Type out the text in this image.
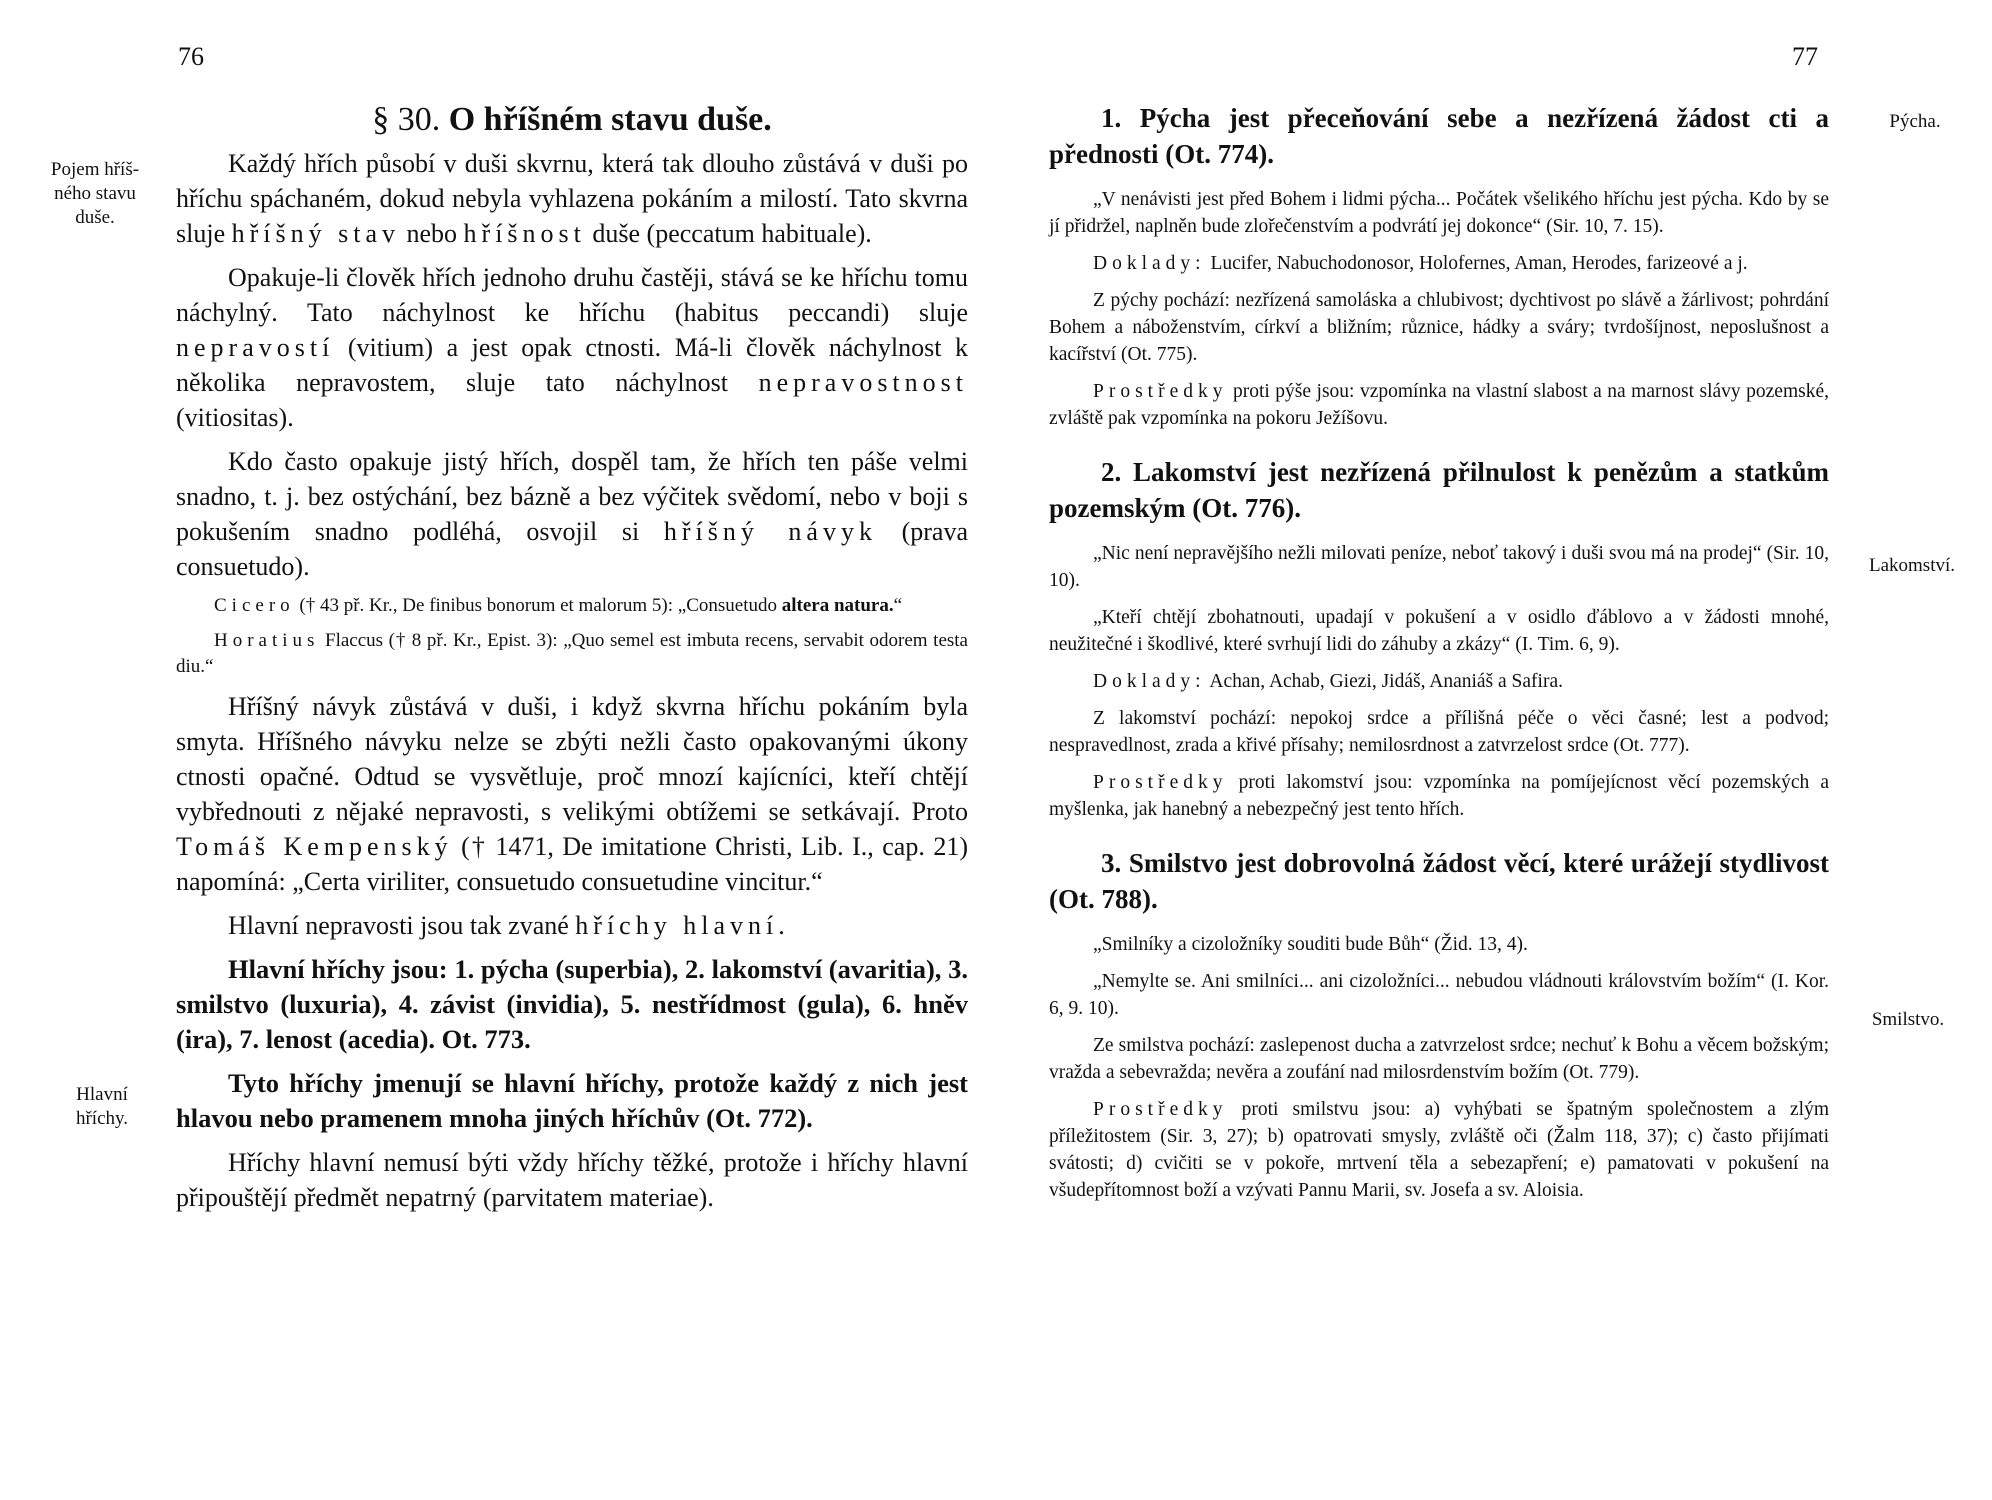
76
Pojem hříš-
ného stavu
duše.
Hlavní
hříchy.
§ 30. O hříšném stavu duše.

Každý hřích působí v duši skvrnu, která tak dlouho zůstává v duši po hříchu spáchaném, dokud nebyla vyhlazena pokáním a milostí. Tato skvrna sluje hříšný stav nebo hříšnost duše (peccatum habituale).

Opakuje-li člověk hřích jednoho druhu častěji, stává se ke hříchu tomu náchylný. Tato náchylnost ke hříchu (habitus peccandi) sluje nepravostí (vitium) a jest opak ctnosti. Má-li člověk náchylnost k několika nepravostem, sluje tato náchylnost nepravostnost (vitiositas).

Kdo často opakuje jistý hřích, dospěl tam, že hřích ten páše velmi snadno, t. j. bez ostýchání, bez bázně a bez výčitek svědomí, nebo v boji s pokušením snadno podléhá, osvojil si hříšný návyk (prava consuetudo).

Cicero († 43 př. Kr., De finibus bonorum et malorum 5): „Consuetudo altera natura.“

Horatius Flaccus († 8 př. Kr., Epist. 3): „Quo semel est imbuta recens, servabit odorem testa diu.“

Hříšný návyk zůstává v duši, i když skvrna hříchu pokáním byla smyta. Hříšného návyku nelze se zbýti nežli často opakovanými úkony ctnosti opačné. Odtud se vysvětluje, proč mnozí kajícníci, kteří chtějí vybřednouti z nějaké nepravosti, s velikými obtížemi se setkávají. Proto Tomáš Kempenský († 1471, De imitatione Christi, Lib. I., cap. 21) napomíná: „Certa viriliter, consuetudo consuetudine vincitur.“

Hlavní nepravosti jsou tak zvané hříchy hlavní.

Hlavní hříchy jsou: 1. pýcha (superbia), 2. lakomství (avaritia), 3. smilstvo (luxuria), 4. závist (invidia), 5. nestřídmost (gula), 6. hněv (ira), 7. lenost (acedia). Ot. 773.

Tyto hříchy jmenují se hlavní hříchy, protože každý z nich jest hlavou nebo pramenem mnoha jiných hříchův (Ot. 772).

Hříchy hlavní nemusí býti vždy hříchy těžké, protože i hříchy hlavní připouštějí předmět nepatrný (parvitatem materiae).

77
Pýcha.
Lakomství.
Smilstvo.

1. Pýcha jest přeceňování sebe a nezřízená žádost cti a přednosti (Ot. 774).

„V nenávisti jest před Bohem i lidmi pýcha... Počátek všelikého hříchu jest pýcha. Kdo by se jí přidržel, naplněn bude zlořečenstvím a podvrátí jej dokonce“ (Sir. 10, 7. 15).

Doklady: Lucifer, Nabuchodonosor, Holofernes, Aman, Herodes, farizeové a j.

Z pýchy pochází: nezřízená samoláska a chlubivost; dychtivost po slávě a žárlivost; pohrdání Bohem a náboženstvím, církví a bližním; různice, hádky a sváry; tvrdošíjnost, neposlušnost a kacířství (Ot. 775).

Prostředky proti pýše jsou: vzpomínka na vlastní slabost a na marnost slávy pozemské, zvláště pak vzpomínka na pokoru Ježíšovu.

2. Lakomství jest nezřízená přilnulost k penězům a statkům pozemským (Ot. 776).

„Nic není nepravějšího nežli milovati peníze, neboť takový i duši svou má na prodej“ (Sir. 10, 10).

„Kteří chtějí zbohatnouti, upadají v pokušení a v osidlo ďáblovo a v žádosti mnohé, neužitečné i škodlivé, které svrhují lidi do záhuby a zkázy“ (I. Tim. 6, 9).

Doklady: Achan, Achab, Giezi, Jidáš, Ananiáš a Safira.

Z lakomství pochází: nepokoj srdce a přílišná péče o věci časné; lest a podvod; nespravedlnost, zrada a křivé přísahy; nemilosrdnost a zatvrzelost srdce (Ot. 777).

Prostředky proti lakomství jsou: vzpomínka na pomíjejícnost věcí pozemských a myšlenka, jak hanebný a nebezpečný jest tento hřích.

3. Smilstvo jest dobrovolná žádost věcí, které urážejí stydlivost (Ot. 788).

„Smilníky a cizoložníky souditi bude Bůh“ (Žid. 13, 4).

„Nemylte se. Ani smilníci... ani cizoložníci... nebudou vládnouti královstvím božím“ (I. Kor. 6, 9. 10).

Ze smilstva pochází: zaslepenost ducha a zatvrzelost srdce; nechuť k Bohu a věcem božským; vražda a sebevražda; nevěra a zoufání nad milosrdenstvím božím (Ot. 779).

Prostředky proti smilstvu jsou: a) vyhýbati se špatným společnostem a zlým příležitostem (Sir. 3, 27); b) opatrovati smysly, zvláště oči (Žalm 118, 37); c) často přijímati svátosti; d) cvičiti se v pokoře, mrtvení těla a sebezapření; e) pamatovati v pokušení na všudepřítomnost boží a vzývati Pannu Marii, sv. Josefa a sv. Aloisia.
